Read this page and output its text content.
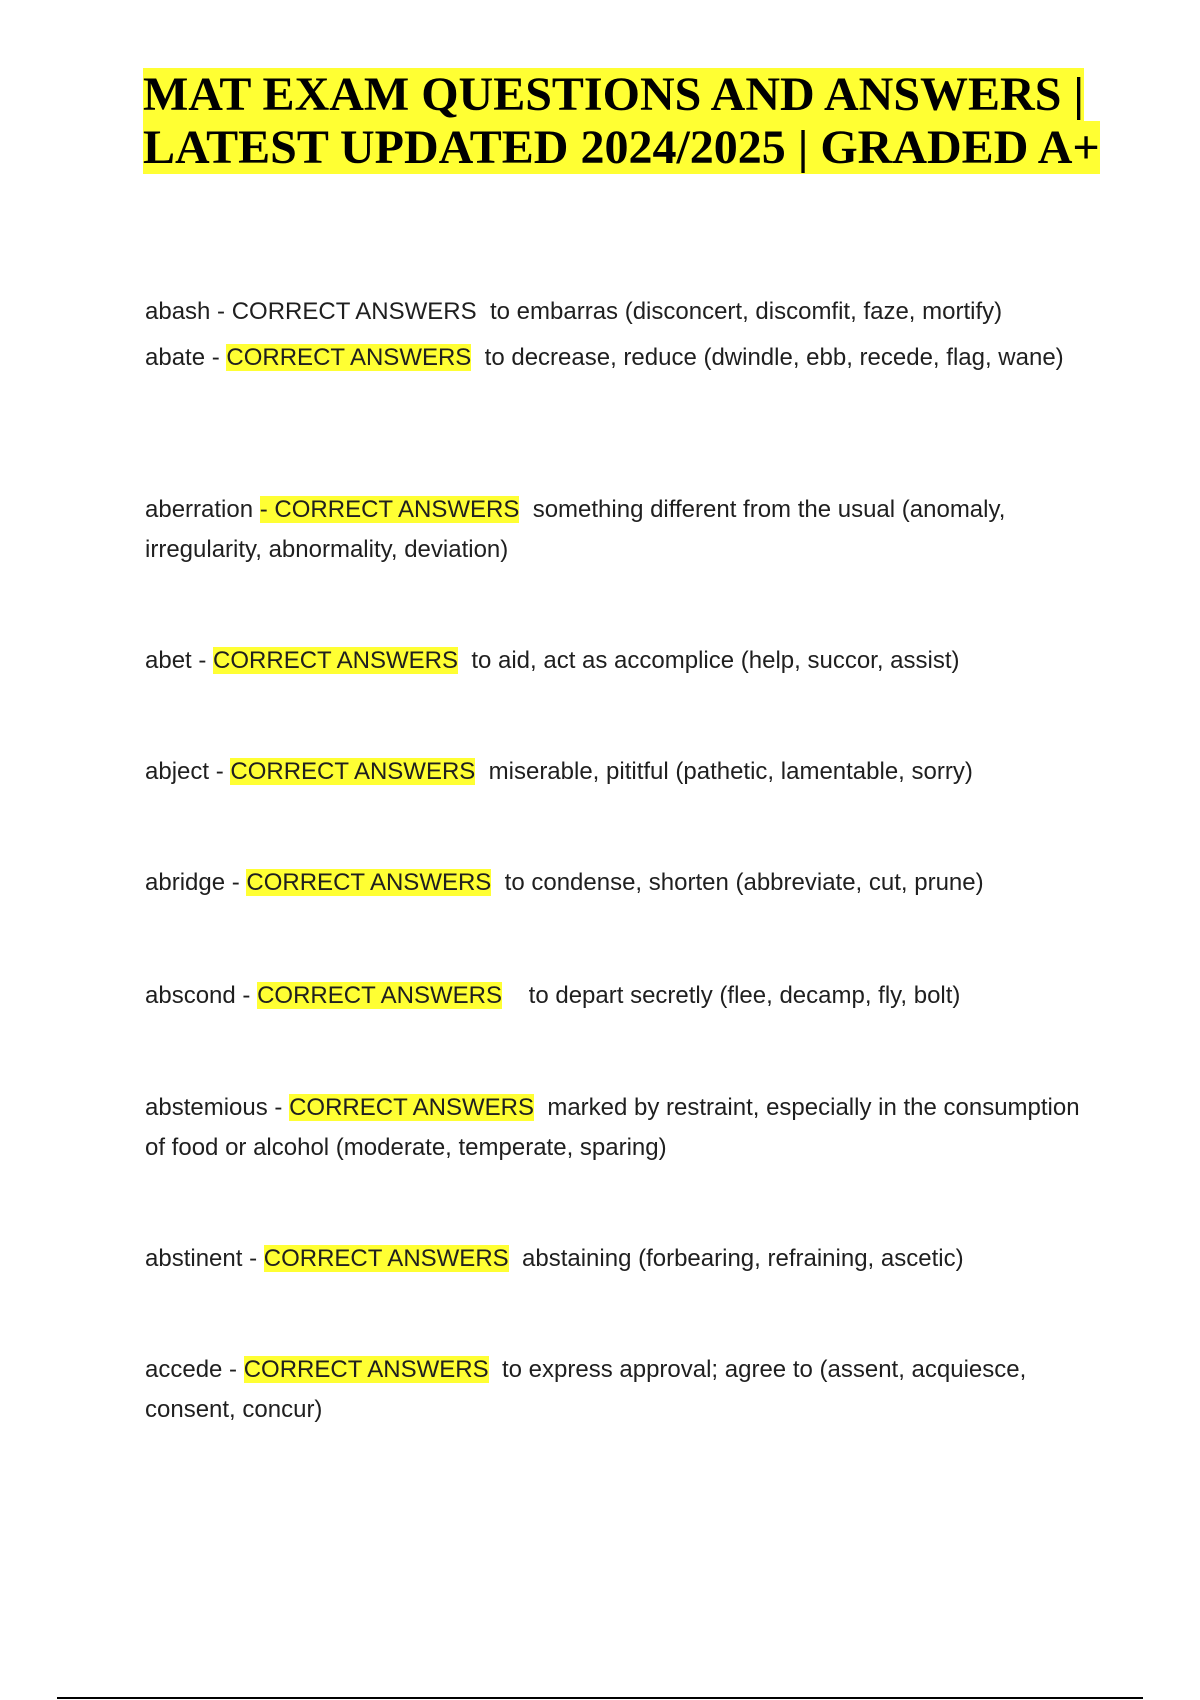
MAT EXAM QUESTIONS AND ANSWERS | LATEST UPDATED 2024/2025 | GRADED A+

abash - CORRECT ANSWERS to embarras (disconcert, discomfit, faze, mortify)

abate - CORRECT ANSWERS to decrease, reduce (dwindle, ebb, recede, flag, wane)

aberration - CORRECT ANSWERS something different from the usual (anomaly, irregularity, abnormality, deviation)

abet - CORRECT ANSWERS to aid, act as accomplice (help, succor, assist)

abject - CORRECT ANSWERS miserable, pititful (pathetic, lamentable, sorry)

abridge - CORRECT ANSWERS to condense, shorten (abbreviate, cut, prune)

abscond - CORRECT ANSWERS to depart secretly (flee, decamp, fly, bolt)

abstemious - CORRECT ANSWERS marked by restraint, especially in the consumption of food or alcohol (moderate, temperate, sparing)

abstinent - CORRECT ANSWERS abstaining (forbearing, refraining, ascetic)

accede - CORRECT ANSWERS to express approval; agree to (assent, acquiesce, consent, concur)
